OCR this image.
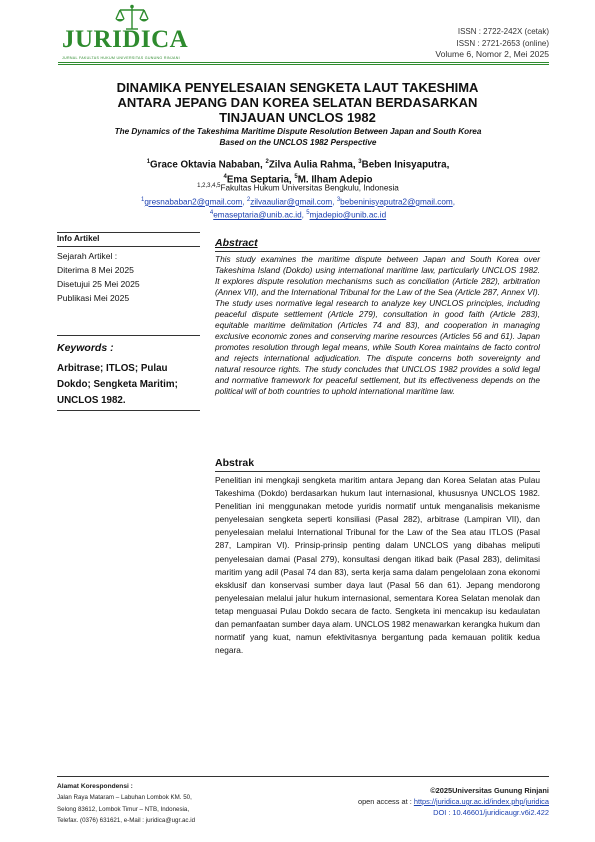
JURIDICA
JURNAL FAKULTAS HUKUM UNIVERSITAS GUNUNG RINJANI
ISSN : 2722-242X (cetak)
ISSN : 2721-2653 (online)
Volume 6, Nomor 2, Mei 2025
DINAMIKA PENYELESAIAN SENGKETA LAUT TAKESHIMA
ANTARA JEPANG DAN KOREA SELATAN BERDASARKAN
TINJAUAN UNCLOS 1982
The Dynamics of the Takeshima Maritime Dispute Resolution Between Japan and South Korea
Based on the UNCLOS 1982 Perspective
$^1$Grace Oktavia Nababan, $^2$Zilva Aulia Rahma, $^3$Beben Inisyaputra,
$^4$Ema Septaria, $^5$M. Ilham Adepio
$^{1,2,3,4,5}$Fakultas Hukum Universitas Bengkulu, Indonesia
$^1$gresnababan2@gmail.com, $^2$zilvaauliar@gmail.com, $^3$bebeninisyaputra2@gmail.com,
$^4$emaseptaria@unib.ac.id, $^5$mjadepio@unib.ac.id
Info Artikel
Sejarah Artikel :
Diterima 8 Mei 2025
Disetujui 25 Mei 2025
Publikasi Mei 2025
Keywords :
Arbitrase; ITLOS; Pulau Dokdo; Sengketa Maritim; UNCLOS 1982.
Abstract
This study examines the maritime dispute between Japan and South Korea over Takeshima Island (Dokdo) using international maritime law, particularly UNCLOS 1982. It explores dispute resolution mechanisms such as conciliation (Article 282), arbitration (Annex VII), and the International Tribunal for the Law of the Sea (Article 287, Annex VI). The study uses normative legal research to analyze key UNCLOS principles, including peaceful dispute settlement (Article 279), consultation in good faith (Article 283), equitable maritime delimitation (Articles 74 and 83), and cooperation in managing exclusive economic zones and conserving marine resources (Articles 56 and 61). Japan promotes resolution through legal means, while South Korea maintains de facto control and rejects international adjudication. The dispute concerns both sovereignty and natural resource rights. The study concludes that UNCLOS 1982 provides a solid legal and normative framework for peaceful settlement, but its effectiveness depends on the political will of both countries to uphold international maritime law.
Abstrak
Penelitian ini mengkaji sengketa maritim antara Jepang dan Korea Selatan atas Pulau Takeshima (Dokdo) berdasarkan hukum laut internasional, khususnya UNCLOS 1982. Penelitian ini menggunakan metode yuridis normatif untuk menganalisis mekanisme penyelesaian sengketa seperti konsiliasi (Pasal 282), arbitrase (Lampiran VII), dan penyelesaian melalui International Tribunal for the Law of the Sea atau ITLOS (Pasal 287, Lampiran VI). Prinsip-prinsip penting dalam UNCLOS yang dibahas meliputi penyelesaian damai (Pasal 279), konsultasi dengan itikad baik (Pasal 283), delimitasi maritim yang adil (Pasal 74 dan 83), serta kerja sama dalam pengelolaan zona ekonomi eksklusif dan konservasi sumber daya laut (Pasal 56 dan 61). Jepang mendorong penyelesaian melalui jalur hukum internasional, sementara Korea Selatan menolak dan tetap menguasai Pulau Dokdo secara de facto. Sengketa ini mencakup isu kedaulatan dan pemanfaatan sumber daya alam. UNCLOS 1982 menawarkan kerangka hukum dan normatif yang kuat, namun efektivitasnya bergantung pada kemauan politik kedua negara.
Alamat Korespondensi :
Jalan Raya Mataram – Labuhan Lombok KM. 50,
Selong 83612, Lombok Timur – NTB, Indonesia,
Telefax. (0376) 631621, e-Mail : juridica@ugr.ac.id
©2025Universitas Gunung Rinjani
open access at : https://juridica.ugr.ac.id/index.php/juridica
DOI : 10.46601/juridicaugr.v6i2.422
